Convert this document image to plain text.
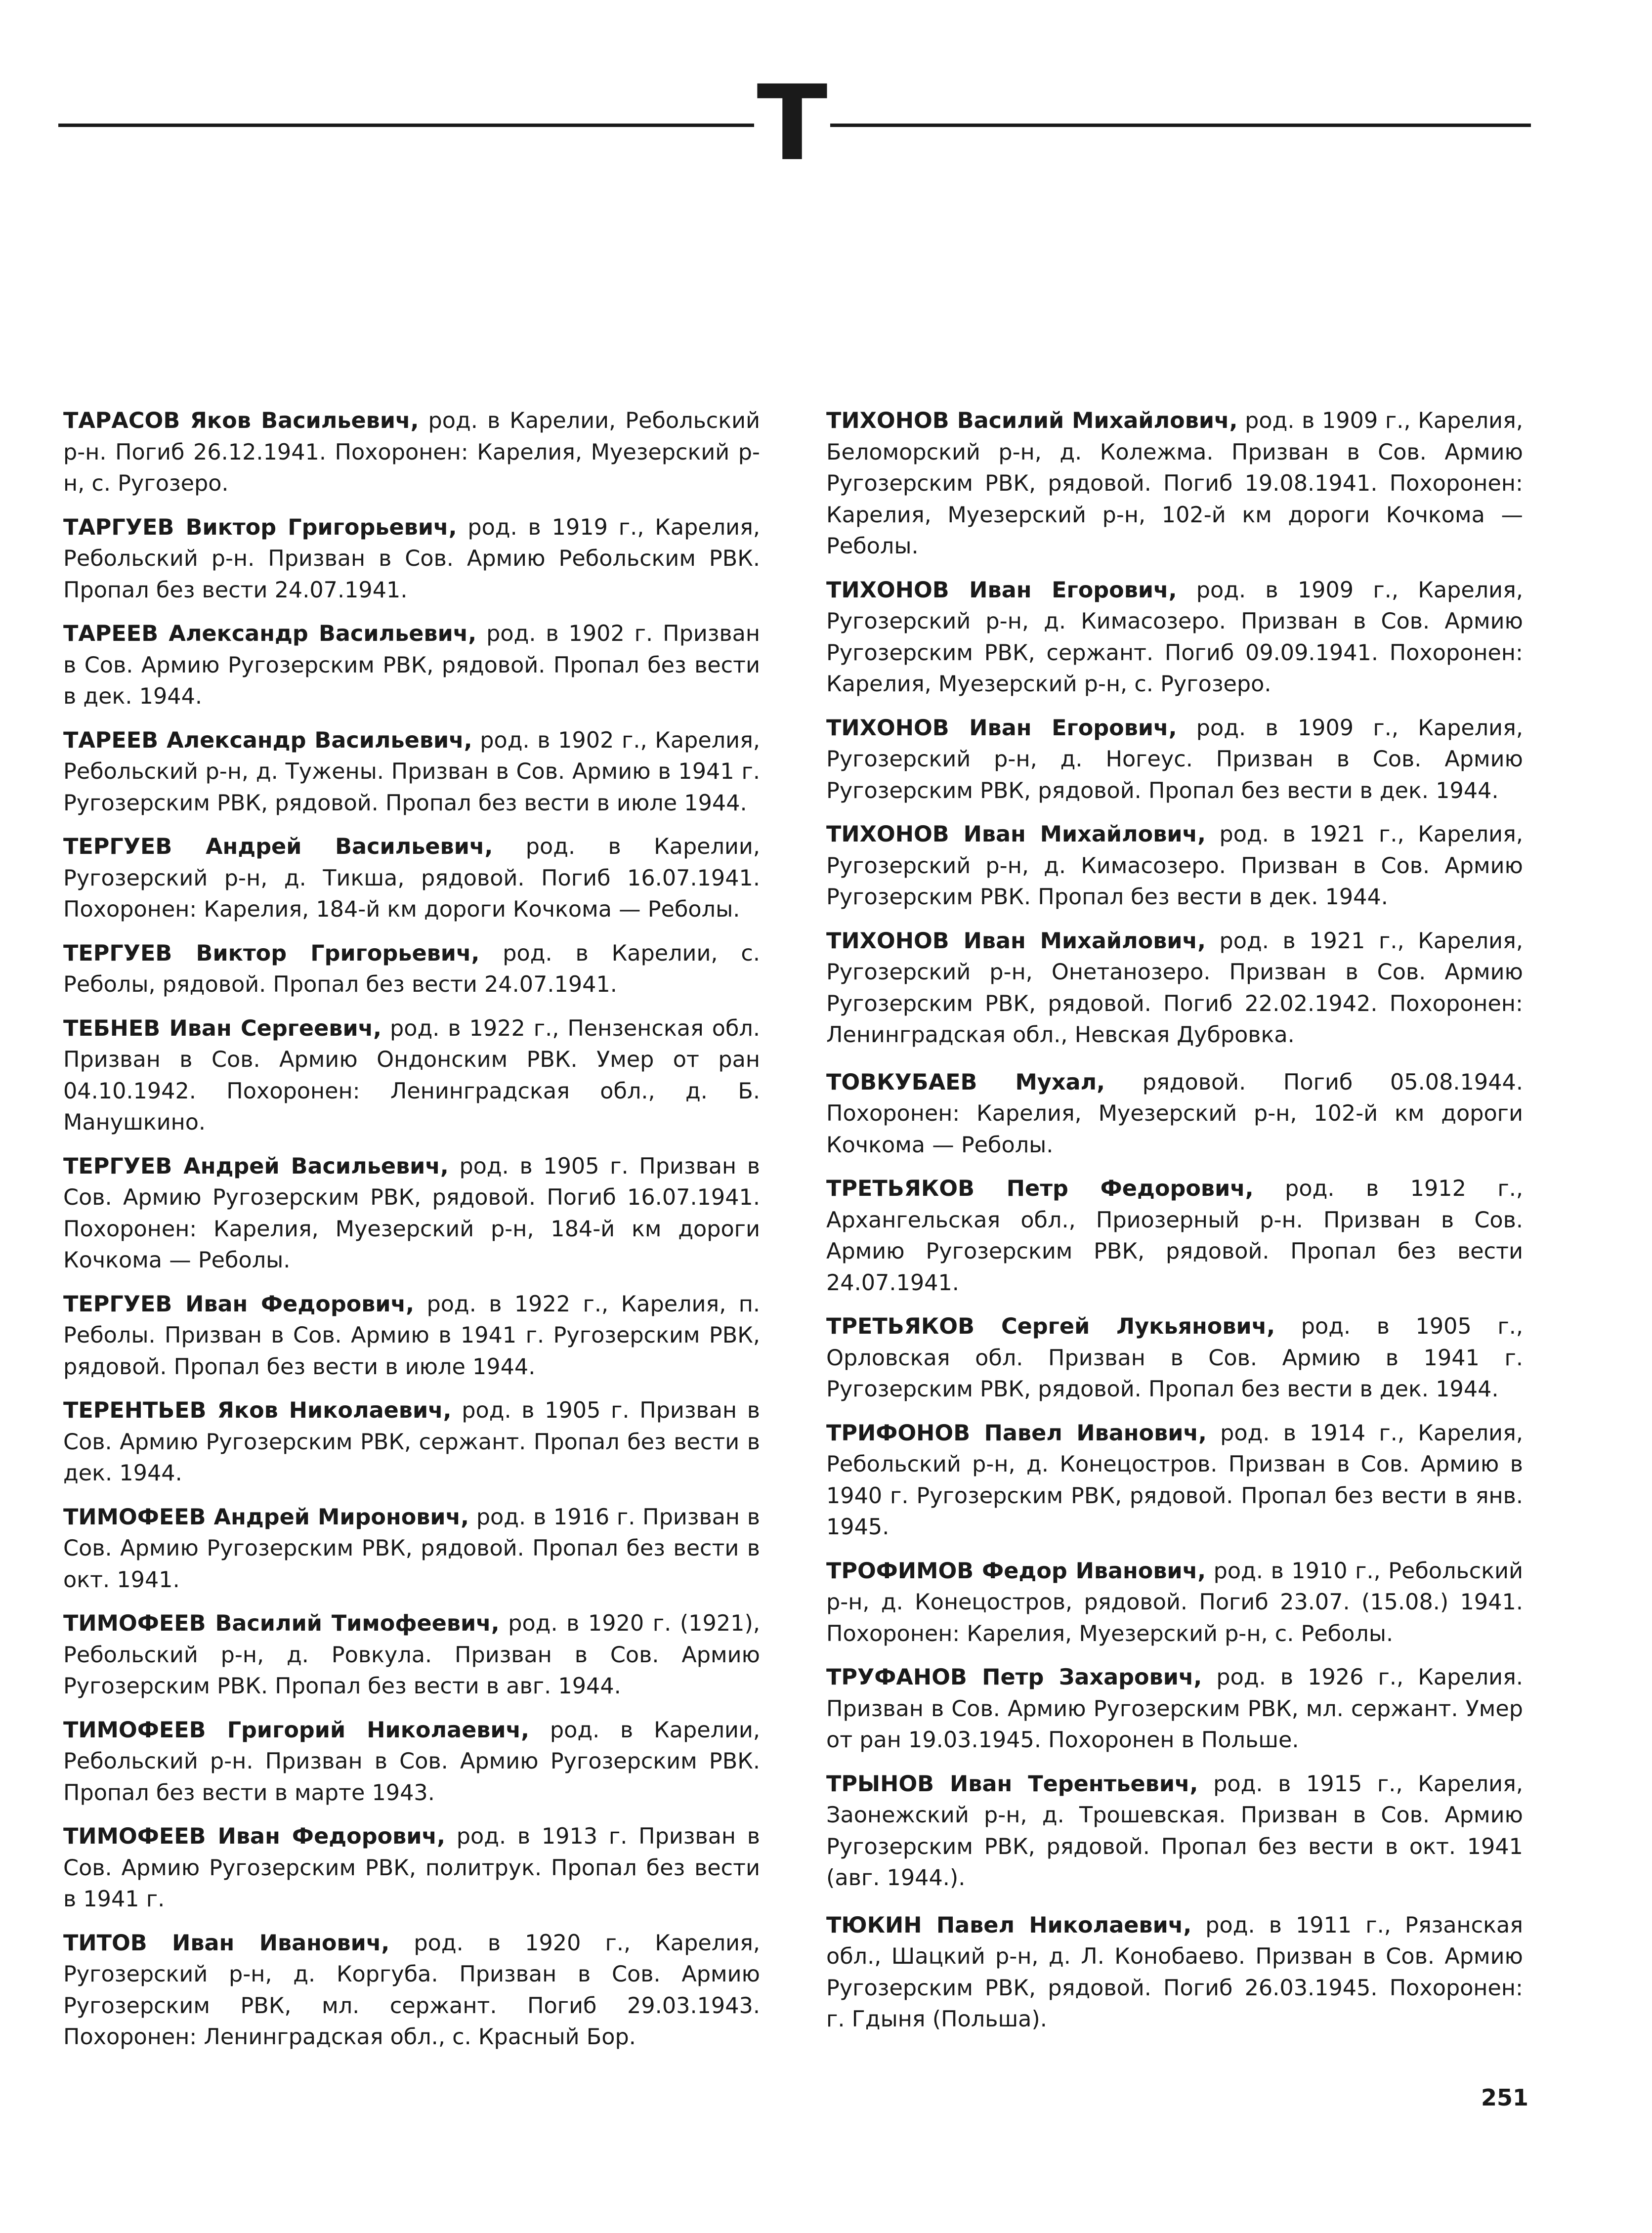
Т

ТАРАСОВ Яков Васильевич, род. в Карелии, Ребольский р-н. Погиб 26.12.1941. Похоронен: Карелия, Муезерский р-н, с. Ругозеро.

ТАРГУЕВ Виктор Григорьевич, род. в 1919 г., Карелия, Ребольский р-н. Призван в Сов. Армию Ребольским РВК. Пропал без вести 24.07.1941.

ТАРЕЕВ Александр Васильевич, род. в 1902 г. Призван в Сов. Армию Ругозерским РВК, рядовой. Пропал без вести в дек. 1944.

ТАРЕЕВ Александр Васильевич, род. в 1902 г., Карелия, Ребольский р-н, д. Тужены. Призван в Сов. Армию в 1941 г. Ругозерским РВК, рядовой. Пропал без вести в июле 1944.

ТЕРГУЕВ Андрей Васильевич, род. в Карелии, Ругозерский р-н, д. Тикша, рядовой. Погиб 16.07.1941. Похоронен: Карелия, 184-й км дороги Кочкома — Реболы.

ТЕРГУЕВ Виктор Григорьевич, род. в Карелии, с. Реболы, рядовой. Пропал без вести 24.07.1941.

ТЕБНЕВ Иван Сергеевич, род. в 1922 г., Пензенская обл. Призван в Сов. Армию Ондонским РВК. Умер от ран 04.10.1942. Похоронен: Ленинградская обл., д. Б. Манушкино.

ТЕРГУЕВ Андрей Васильевич, род. в 1905 г. Призван в Сов. Армию Ругозерским РВК, рядовой. Погиб 16.07.1941. Похоронен: Карелия, Муезерский р-н, 184-й км дороги Кочкома — Реболы.

ТЕРГУЕВ Иван Федорович, род. в 1922 г., Карелия, п. Реболы. Призван в Сов. Армию в 1941 г. Ругозерским РВК, рядовой. Пропал без вести в июле 1944.

ТЕРЕНТЬЕВ Яков Николаевич, род. в 1905 г. Призван в Сов. Армию Ругозерским РВК, сержант. Пропал без вести в дек. 1944.

ТИМОФЕЕВ Андрей Миронович, род. в 1916 г. Призван в Сов. Армию Ругозерским РВК, рядовой. Пропал без вести в окт. 1941.

ТИМОФЕЕВ Василий Тимофеевич, род. в 1920 г. (1921), Ребольский р-н, д. Ровкула. Призван в Сов. Армию Ругозерским РВК. Пропал без вести в авг. 1944.

ТИМОФЕЕВ Григорий Николаевич, род. в Карелии, Ребольский р-н. Призван в Сов. Армию Ругозерским РВК. Пропал без вести в марте 1943.

ТИМОФЕЕВ Иван Федорович, род. в 1913 г. Призван в Сов. Армию Ругозерским РВК, политрук. Пропал без вести в 1941 г.

ТИТОВ Иван Иванович, род. в 1920 г., Карелия, Ругозерский р-н, д. Коргуба. Призван в Сов. Армию Ругозерским РВК, мл. сержант. Погиб 29.03.1943. Похоронен: Ленинградская обл., с. Красный Бор.

ТИХОНОВ Василий Михайлович, род. в 1909 г., Карелия, Беломорский р-н, д. Колежма. Призван в Сов. Армию Ругозерским РВК, рядовой. Погиб 19.08.1941. Похоронен: Карелия, Муезерский р-н, 102-й км дороги Кочкома — Реболы.

ТИХОНОВ Иван Егорович, род. в 1909 г., Карелия, Ругозерский р-н, д. Кимасозеро. Призван в Сов. Армию Ругозерским РВК, сержант. Погиб 09.09.1941. Похоронен: Карелия, Муезерский р-н, с. Ругозеро.

ТИХОНОВ Иван Егорович, род. в 1909 г., Карелия, Ругозерский р-н, д. Ногеус. Призван в Сов. Армию Ругозерским РВК, рядовой. Пропал без вести в дек. 1944.

ТИХОНОВ Иван Михайлович, род. в 1921 г., Карелия, Ругозерский р-н, д. Кимасозеро. Призван в Сов. Армию Ругозерским РВК. Пропал без вести в дек. 1944.

ТИХОНОВ Иван Михайлович, род. в 1921 г., Карелия, Ругозерский р-н, Онетанозеро. Призван в Сов. Армию Ругозерским РВК, рядовой. Погиб 22.02.1942. Похоронен: Ленинградская обл., Невская Дубровка.

ТОВКУБАЕВ Мухал, рядовой. Погиб 05.08.1944. Похоронен: Карелия, Муезерский р-н, 102-й км дороги Кочкома — Реболы.

ТРЕТЬЯКОВ Петр Федорович, род. в 1912 г., Архангельская обл., Приозерный р-н. Призван в Сов. Армию Ругозерским РВК, рядовой. Пропал без вести 24.07.1941.

ТРЕТЬЯКОВ Сергей Лукьянович, род. в 1905 г., Орловская обл. Призван в Сов. Армию в 1941 г. Ругозерским РВК, рядовой. Пропал без вести в дек. 1944.

ТРИФОНОВ Павел Иванович, род. в 1914 г., Карелия, Ребольский р-н, д. Конецостров. Призван в Сов. Армию в 1940 г. Ругозерским РВК, рядовой. Пропал без вести в янв. 1945.

ТРОФИМОВ Федор Иванович, род. в 1910 г., Ребольский р-н, д. Конецостров, рядовой. Погиб 23.07. (15.08.) 1941. Похоронен: Карелия, Муезерский р-н, с. Реболы.

ТРУФАНОВ Петр Захарович, род. в 1926 г., Карелия. Призван в Сов. Армию Ругозерским РВК, мл. сержант. Умер от ран 19.03.1945. Похоронен в Польше.

ТРЫНОВ Иван Терентьевич, род. в 1915 г., Карелия, Заонежский р-н, д. Трошевская. Призван в Сов. Армию Ругозерским РВК, рядовой. Пропал без вести в окт. 1941 (авг. 1944.).

ТЮКИН Павел Николаевич, род. в 1911 г., Рязанская обл., Шацкий р-н, д. Л. Конобаево. Призван в Сов. Армию Ругозерским РВК, рядовой. Погиб 26.03.1945. Похоронен: г. Гдыня (Польша).

251
